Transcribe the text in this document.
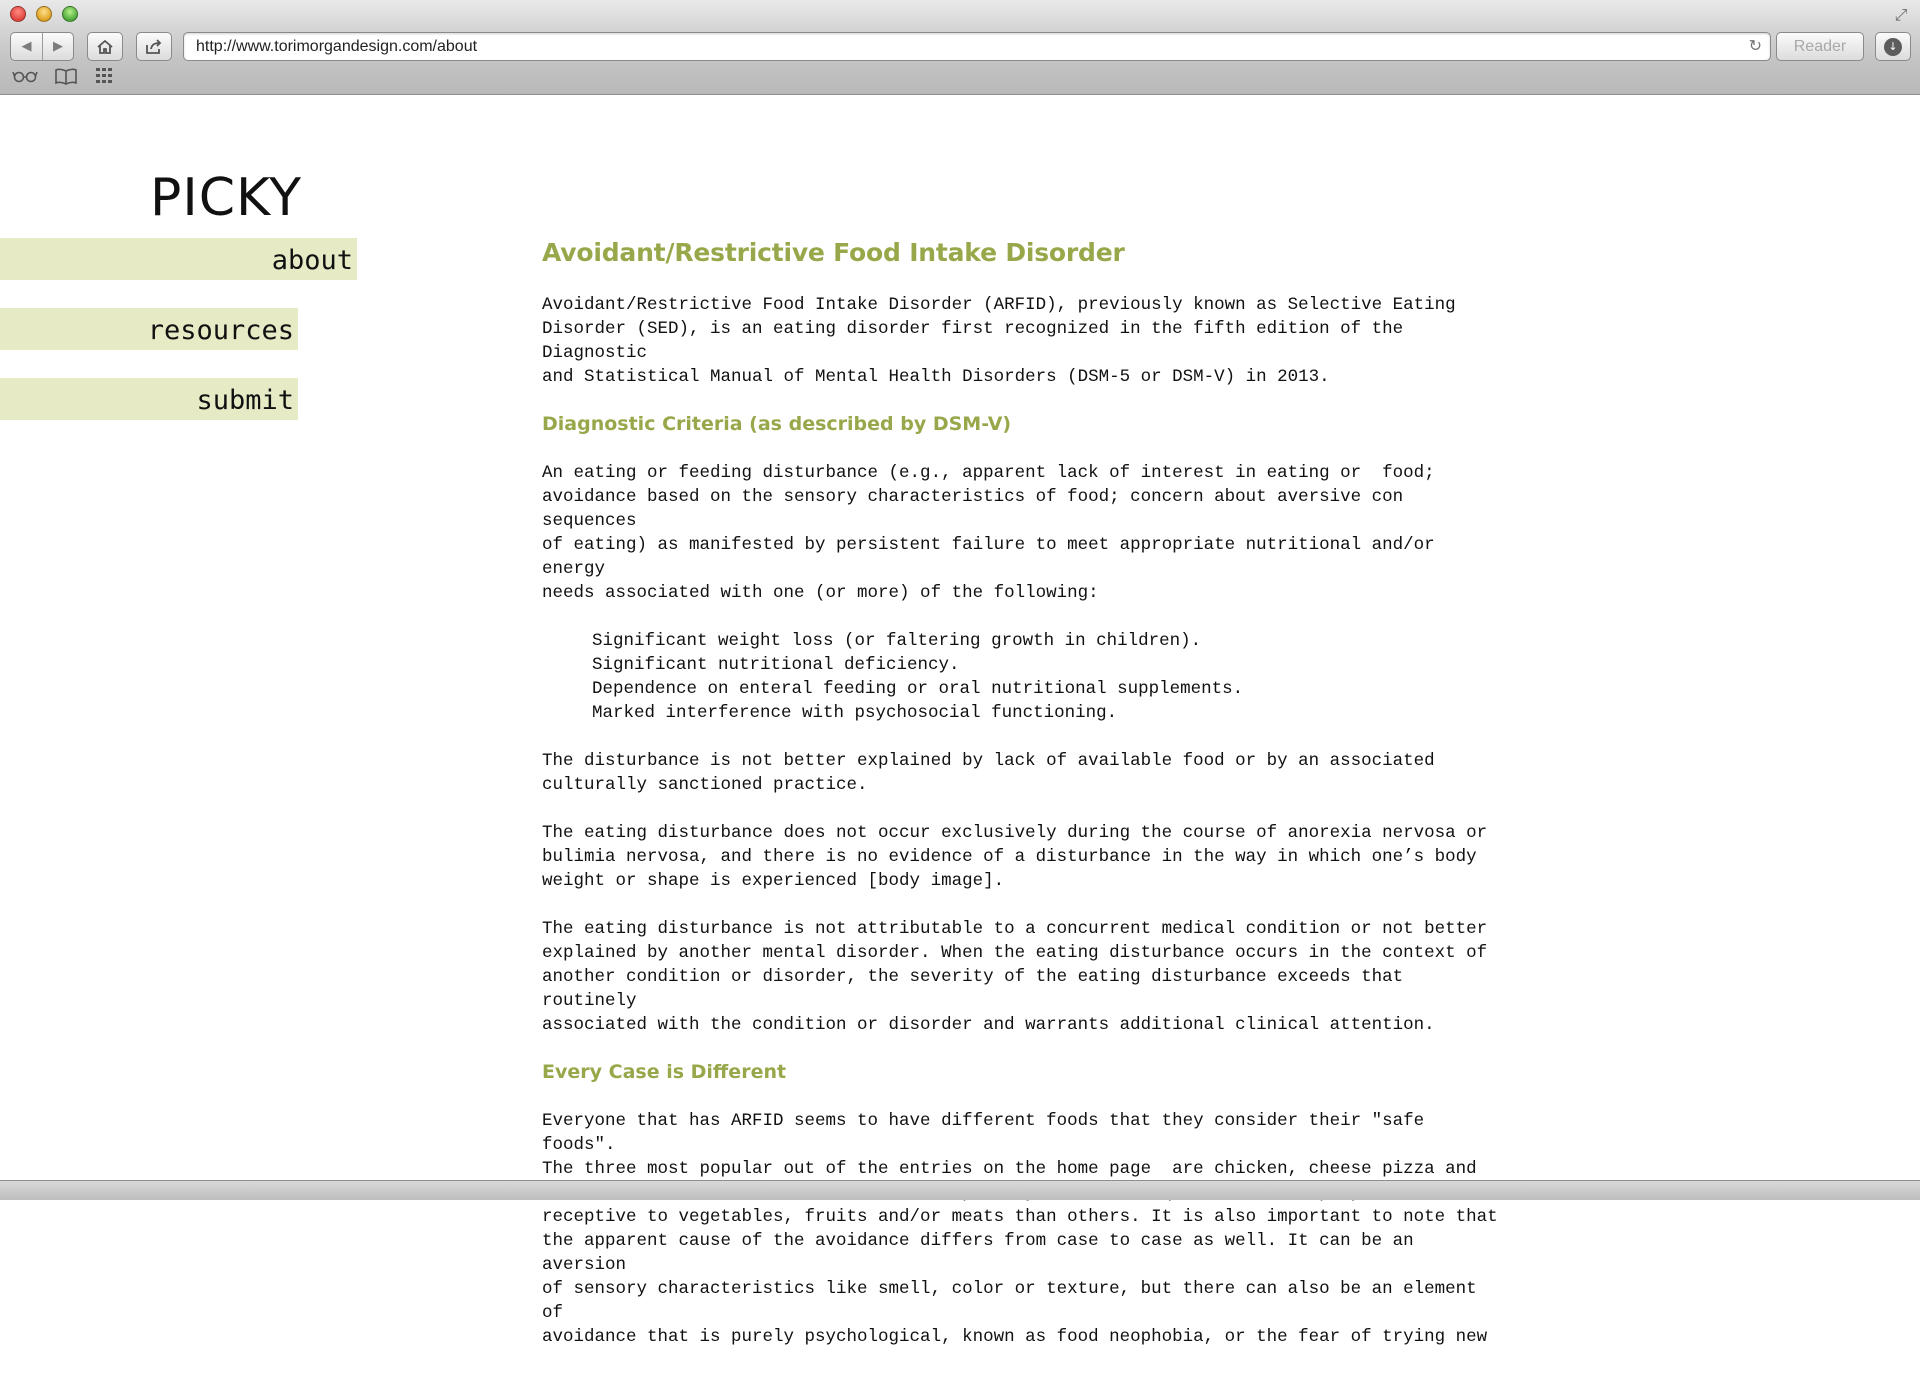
⤢
◀	▶	http://www.torimorgandesign.com/about	↻	Reader	↓
PICKY
about
resources
submit
Avoidant/Restrictive Food Intake Disorder

Avoidant/Restrictive Food Intake Disorder (ARFID), previously known as Selective Eating
Disorder (SED), is an eating disorder first recognized in the fifth edition of the Diagnostic
and Statistical Manual of Mental Health Disorders (DSM-5 or DSM-V) in 2013.

Diagnostic Criteria (as described by DSM-V)

An eating or feeding disturbance (e.g., apparent lack of interest in eating or  food;
avoidance based on the sensory characteristics of food; concern about aversive con sequences
of eating) as manifested by persistent failure to meet appropriate nutritional and/or energy
needs associated with one (or more) of the following:

Significant weight loss (or faltering growth in children).
Significant nutritional deficiency.
Dependence on enteral feeding or oral nutritional supplements.
Marked interference with psychosocial functioning.

The disturbance is not better explained by lack of available food or by an associated
culturally sanctioned practice.

The eating disturbance does not occur exclusively during the course of anorexia nervosa or
bulimia nervosa, and there is no evidence of a disturbance in the way in which one’s body
weight or shape is experienced [body image].

The eating disturbance is not attributable to a concurrent medical condition or not better
explained by another mental disorder. When the eating disturbance occurs in the context of
another condition or disorder, the severity of the eating disturbance exceeds that routinely
associated with the condition or disorder and warrants additional clinical attention.

Every Case is Different

Everyone that has ARFID seems to have different foods that they consider their "safe foods".
The three most popular out of the entries on the home page  are chicken, cheese pizza and

receptive to vegetables, fruits and/or meats than others. It is also important to note that
the apparent cause of the avoidance differs from case to case as well. It can be an aversion
of sensory characteristics like smell, color or texture, but there can also be an element of
avoidance that is purely psychological, known as food neophobia, or the fear of trying new
